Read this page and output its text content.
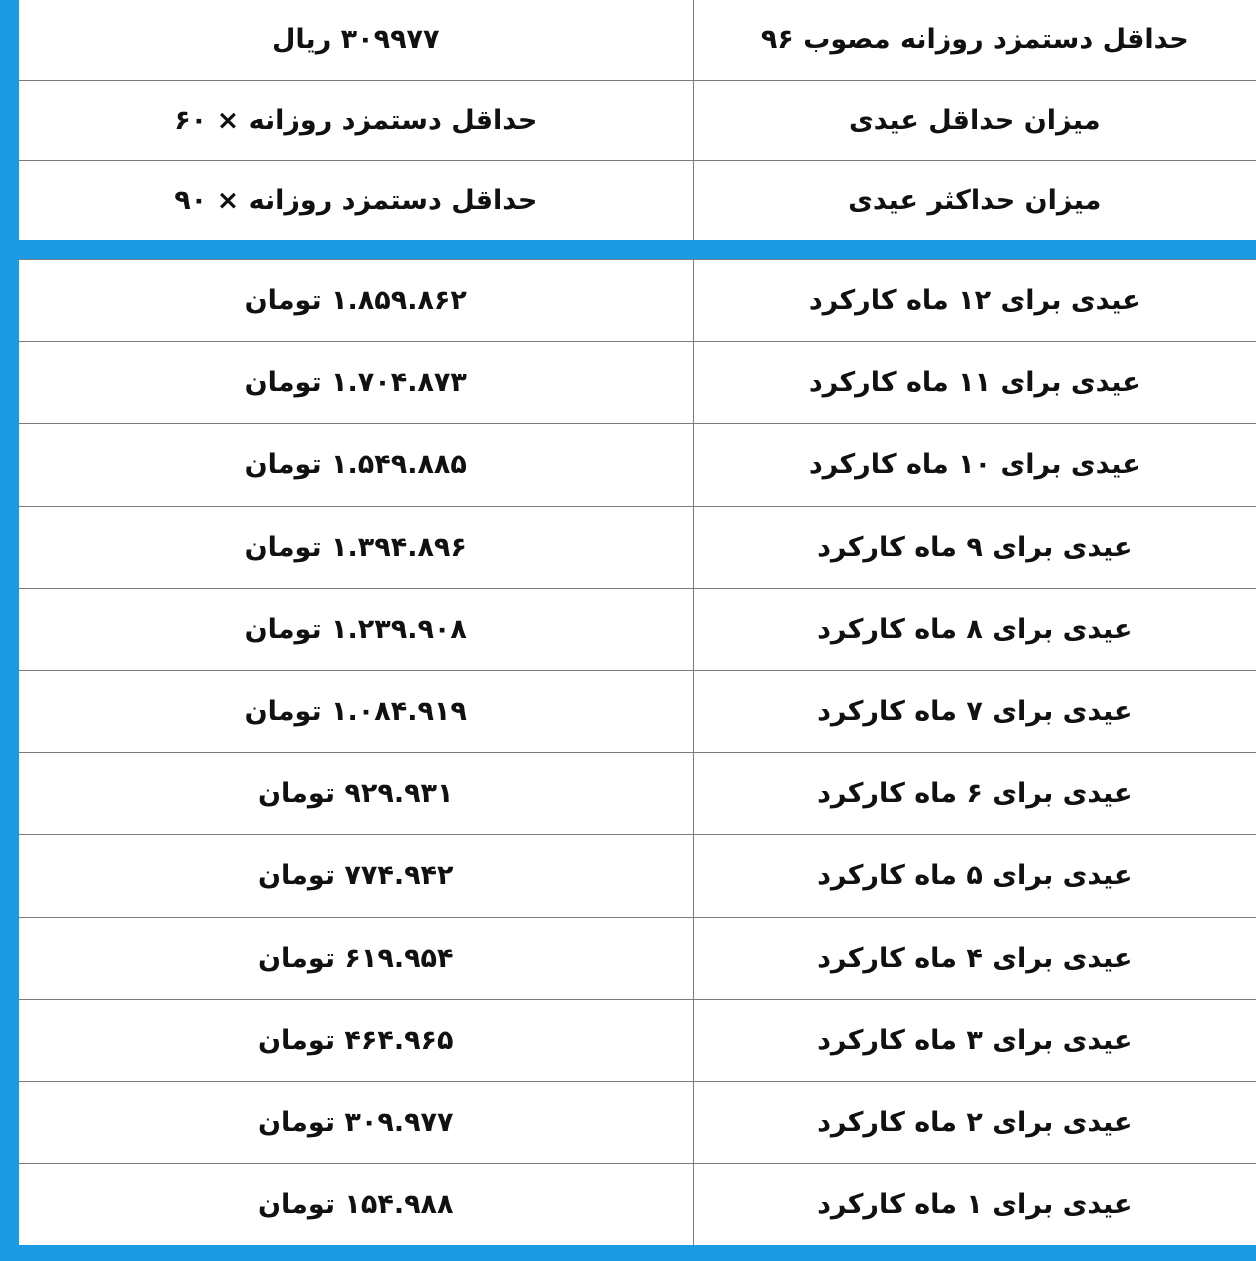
۳۰۹۹۷۷ ریال	حداقل دستمزد روزانه مصوب ۹۶

حداقل دستمزد روزانه × ۶۰	میزان حداقل عیدی

حداقل دستمزد روزانه × ۹۰	میزان حداکثر عیدی
۱.۸۵۹.۸۶۲ تومان	عیدی برای ۱۲ ماه کارکرد

۱.۷۰۴.۸۷۳ تومان	عیدی برای ۱۱ ماه کارکرد

۱.۵۴۹.۸۸۵ تومان	عیدی برای ۱۰ ماه کارکرد

۱.۳۹۴.۸۹۶ تومان	عیدی برای ۹ ماه کارکرد

۱.۲۳۹.۹۰۸ تومان	عیدی برای ۸ ماه کارکرد

۱.۰۸۴.۹۱۹ تومان	عیدی برای ۷ ماه کارکرد

۹۲۹.۹۳۱ تومان	عیدی برای ۶ ماه کارکرد

۷۷۴.۹۴۲ تومان	عیدی برای ۵ ماه کارکرد

۶۱۹.۹۵۴ تومان	عیدی برای ۴ ماه کارکرد

۴۶۴.۹۶۵ تومان	عیدی برای ۳ ماه کارکرد

۳۰۹.۹۷۷ تومان	عیدی برای ۲ ماه کارکرد

۱۵۴.۹۸۸ تومان	عیدی برای ۱ ماه کارکرد
